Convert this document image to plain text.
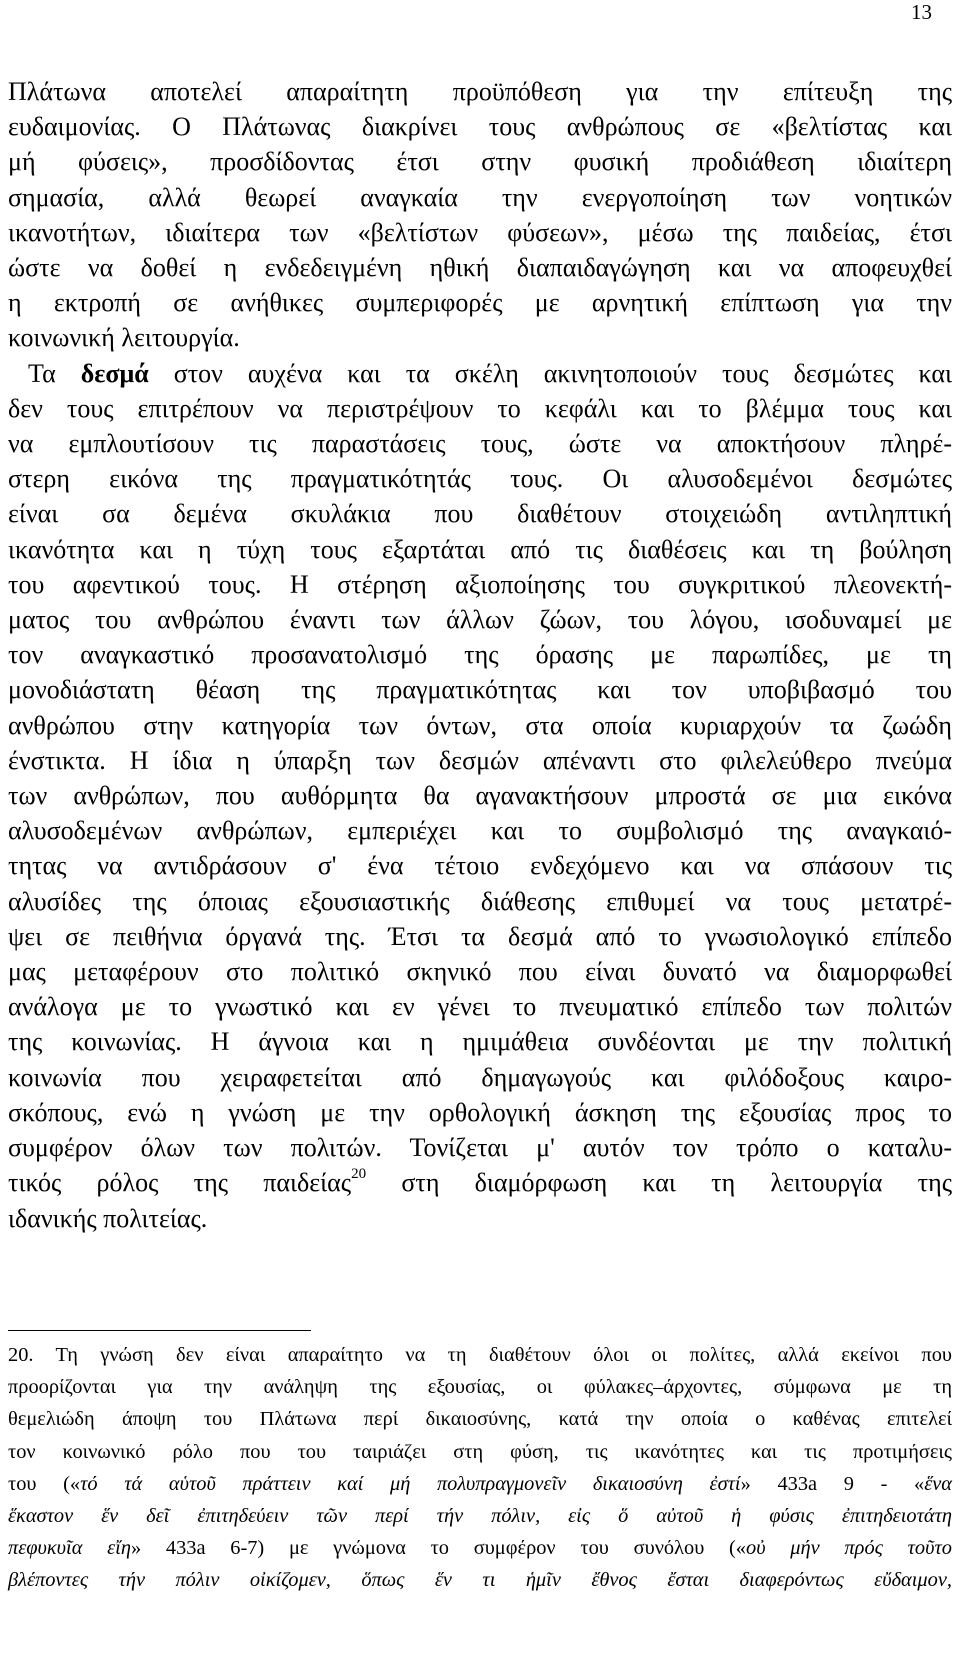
13

Πλάτωνα αποτελεί απαραίτητη προϋπόθεση για την επίτευξη της

ευδαιμονίας. Ο Πλάτωνας διακρίνει τους ανθρώπους σε «βελτίστας και

μή φύσεις», προσδίδοντας έτσι στην φυσική προδιάθεση ιδιαίτερη

σημασία, αλλά θεωρεί αναγκαία την ενεργοποίηση των νοητικών

ικανοτήτων, ιδιαίτερα των «βελτίστων φύσεων», μέσω της παιδείας, έτσι

ώστε να δοθεί η ενδεδειγμένη ηθική διαπαιδαγώγηση και να αποφευχθεί

η εκτροπή σε ανήθικες συμπεριφορές με αρνητική επίπτωση για την

κοινωνική λειτουργία.

Τα δεσμά στον αυχένα και τα σκέλη ακινητοποιούν τους δεσμώτες και

δεν τους επιτρέπουν να περιστρέψουν το κεφάλι και το βλέμμα τους και

να εμπλουτίσουν τις παραστάσεις τους, ώστε να αποκτήσουν πληρέ-

στερη εικόνα της πραγματικότητάς τους. Οι αλυσοδεμένοι δεσμώτες

είναι σα δεμένα σκυλάκια που διαθέτουν στοιχειώδη αντιληπτική

ικανότητα και η τύχη τους εξαρτάται από τις διαθέσεις και τη βούληση

του αφεντικού τους. Η στέρηση αξιοποίησης του συγκριτικού πλεονεκτή-

ματος του ανθρώπου έναντι των άλλων ζώων, του λόγου, ισοδυναμεί με

τον αναγκαστικό προσανατολισμό της όρασης με παρωπίδες, με τη

μονοδιάστατη θέαση της πραγματικότητας και τον υποβιβασμό του

ανθρώπου στην κατηγορία των όντων, στα οποία κυριαρχούν τα ζωώδη

ένστικτα. Η ίδια η ύπαρξη των δεσμών απέναντι στο φιλελεύθερο πνεύμα

των ανθρώπων, που αυθόρμητα θα αγανακτήσουν μπροστά σε μια εικόνα

αλυσοδεμένων ανθρώπων, εμπεριέχει και το συμβολισμό της αναγκαιό-

τητας να αντιδράσουν σ' ένα τέτοιο ενδεχόμενο και να σπάσουν τις

αλυσίδες της όποιας εξουσιαστικής διάθεσης επιθυμεί να τους μετατρέ-

ψει σε πειθήνια όργανά της. Έτσι τα δεσμά από το γνωσιολογικό επίπεδο

μας μεταφέρουν στο πολιτικό σκηνικό που είναι δυνατό να διαμορφωθεί

ανάλογα με το γνωστικό και εν γένει το πνευματικό επίπεδο των πολιτών

της κοινωνίας. Η άγνοια και η ημιμάθεια συνδέονται με την πολιτική

κοινωνία που χειραφετείται από δημαγωγούς και φιλόδοξους καιρο-

σκόπους, ενώ η γνώση με την ορθολογική άσκηση της εξουσίας προς το

συμφέρον όλων των πολιτών. Τονίζεται μ' αυτόν τον τρόπο ο καταλυ-

τικός ρόλος της παιδείας$^{20}$ στη διαμόρφωση και τη λειτουργία της

ιδανικής πολιτείας.

20. Τη γνώση δεν είναι απαραίτητο να τη διαθέτουν όλοι οι πολίτες, αλλά εκείνοι που

προορίζονται για την ανάληψη της εξουσίας, οι φύλακες–άρχοντες, σύμφωνα με τη

θεμελιώδη άποψη του Πλάτωνα περί δικαιοσύνης, κατά την οποία ο καθένας επιτελεί

τον κοινωνικό ρόλο που του ταιριάζει στη φύση, τις ικανότητες και τις προτιμήσεις

του («τό τά αὑτοῦ πράττειν καί μή πολυπραγμονεῖν δικαιοσύνη ἐστί» 433a 9 - «ἕνα

ἕκαστον ἕν δεῖ ἐπιτηδεύειν τῶν περί τήν πόλιν, εἰς ὅ αὐτοῦ ἡ φύσις ἐπιτηδειοτάτη

πεφυκυῖα εἴη» 433a 6-7) με γνώμονα το συμφέρον του συνόλου («οὐ μήν πρός τοῦτο

βλέποντες τήν πόλιν οἰκίζομεν, ὅπως ἕν τι ἡμῖν ἔθνος ἔσται διαφερόντως εὔδαιμον,
